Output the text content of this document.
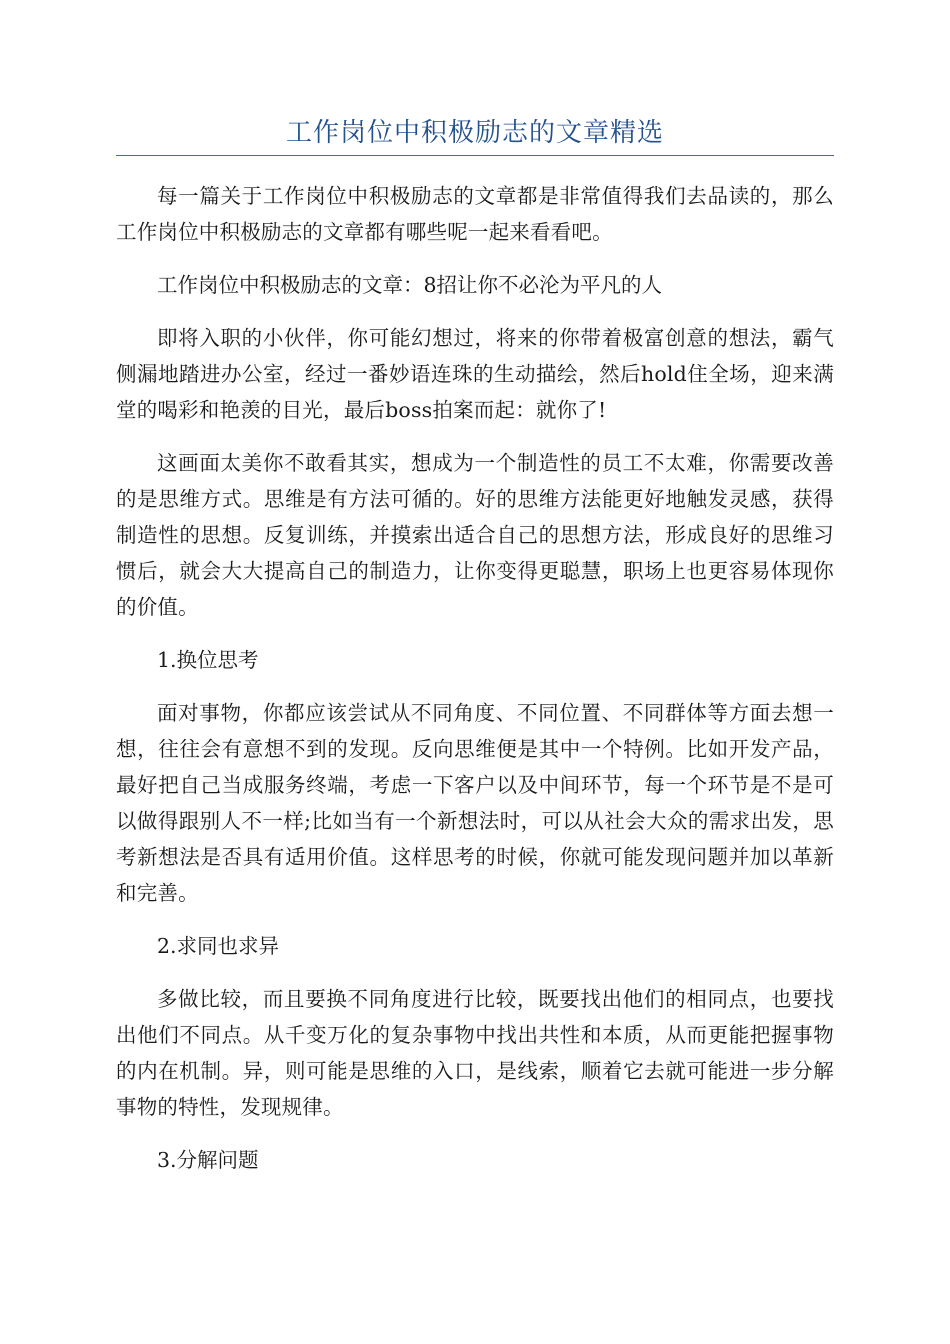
工作岗位中积极励志的文章精选

每一篇关于工作岗位中积极励志的文章都是非常值得我们去品读的，那么工作岗位中积极励志的文章都有哪些呢一起来看看吧。

工作岗位中积极励志的文章：8招让你不必沦为平凡的人

即将入职的小伙伴，你可能幻想过，将来的你带着极富创意的想法，霸气侧漏地踏进办公室，经过一番妙语连珠的生动描绘，然后hold住全场，迎来满堂的喝彩和艳羡的目光，最后boss拍案而起：就你了!

这画面太美你不敢看其实，想成为一个制造性的员工不太难，你需要改善的是思维方式。思维是有方法可循的。好的思维方法能更好地触发灵感，获得制造性的思想。反复训练，并摸索出适合自己的思想方法，形成良好的思维习惯后，就会大大提高自己的制造力，让你变得更聪慧，职场上也更容易体现你的价值。

1.换位思考

面对事物，你都应该尝试从不同角度、不同位置、不同群体等方面去想一想，往往会有意想不到的发现。反向思维便是其中一个特例。比如开发产品，最好把自己当成服务终端，考虑一下客户以及中间环节，每一个环节是不是可以做得跟别人不一样;比如当有一个新想法时，可以从社会大众的需求出发，思考新想法是否具有适用价值。这样思考的时候，你就可能发现问题并加以革新和完善。

2.求同也求异

多做比较，而且要换不同角度进行比较，既要找出他们的相同点，也要找出他们不同点。从千变万化的复杂事物中找出共性和本质，从而更能把握事物的内在机制。异，则可能是思维的入口，是线索，顺着它去就可能进一步分解事物的特性，发现规律。

3.分解问题
